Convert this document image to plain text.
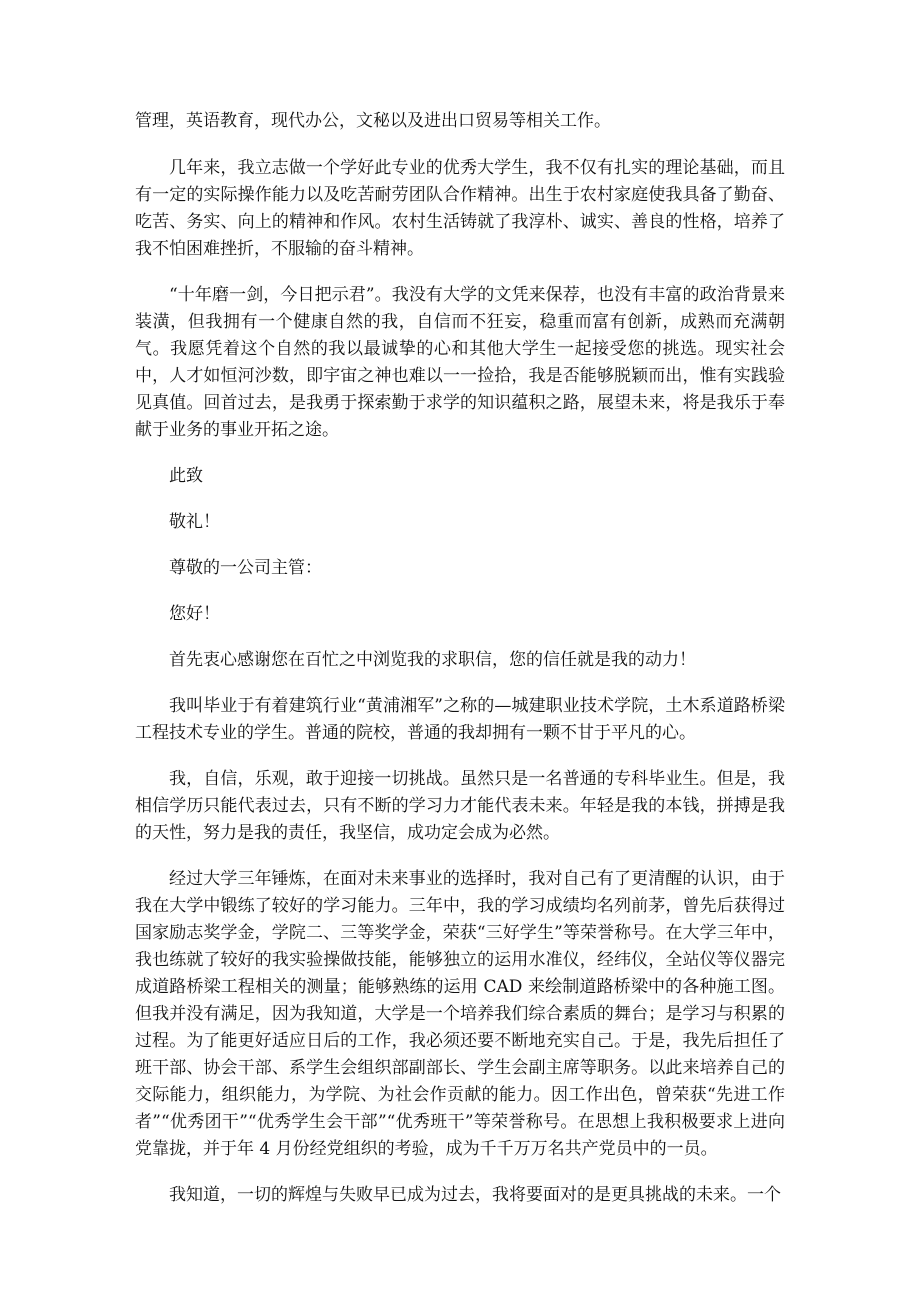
管理，英语教育，现代办公，文秘以及进出口贸易等相关工作。

几年来，我立志做一个学好此专业的优秀大学生，我不仅有扎实的理论基础，而且有一定的实际操作能力以及吃苦耐劳团队合作精神。出生于农村家庭使我具备了勤奋、吃苦、务实、向上的精神和作风。农村生活铸就了我淳朴、诚实、善良的性格，培养了我不怕困难挫折，不服输的奋斗精神。

“十年磨一剑，今日把示君”。我没有大学的文凭来保荐，也没有丰富的政治背景来装潢，但我拥有一个健康自然的我，自信而不狂妄，稳重而富有创新，成熟而充满朝气。我愿凭着这个自然的我以最诚挚的心和其他大学生一起接受您的挑选。现实社会中，人才如恒河沙数，即宇宙之神也难以一一捡拾，我是否能够脱颖而出，惟有实践验见真值。回首过去，是我勇于探索勤于求学的知识蕴积之路，展望未来，将是我乐于奉献于业务的事业开拓之途。

此致

敬礼！

尊敬的一公司主管：

您好！

首先衷心感谢您在百忙之中浏览我的求职信，您的信任就是我的动力！

我叫毕业于有着建筑行业“黄浦湘军”之称的—城建职业技术学院，土木系道路桥梁工程技术专业的学生。普通的院校，普通的我却拥有一颗不甘于平凡的心。

我，自信，乐观，敢于迎接一切挑战。虽然只是一名普通的专科毕业生。但是，我相信学历只能代表过去，只有不断的学习力才能代表未来。年轻是我的本钱，拼搏是我的天性，努力是我的责任，我坚信，成功定会成为必然。

经过大学三年锤炼，在面对未来事业的选择时，我对自己有了更清醒的认识，由于我在大学中锻练了较好的学习能力。三年中，我的学习成绩均名列前茅，曾先后获得过国家励志奖学金，学院二、三等奖学金，荣获“三好学生”等荣誉称号。在大学三年中，我也练就了较好的我实验操做技能，能够独立的运用水准仪，经纬仪，全站仪等仪器完成道路桥梁工程相关的测量；能够熟练的运用 CAD 来绘制道路桥梁中的各种施工图。但我并没有满足，因为我知道，大学是一个培养我们综合素质的舞台；是学习与积累的过程。为了能更好适应日后的工作，我必须还要不断地充实自己。于是，我先后担任了班干部、协会干部、系学生会组织部副部长、学生会副主席等职务。以此来培养自己的交际能力，组织能力，为学院、为社会作贡献的能力。因工作出色，曾荣获“先进工作者”“优秀团干”“优秀学生会干部”“优秀班干”等荣誉称号。在思想上我积极要求上进向党靠拢，并于年 4 月份经党组织的考验，成为千千万万名共产党员中的一员。

我知道，一切的辉煌与失败早已成为过去，我将要面对的是更具挑战的未来。一个
